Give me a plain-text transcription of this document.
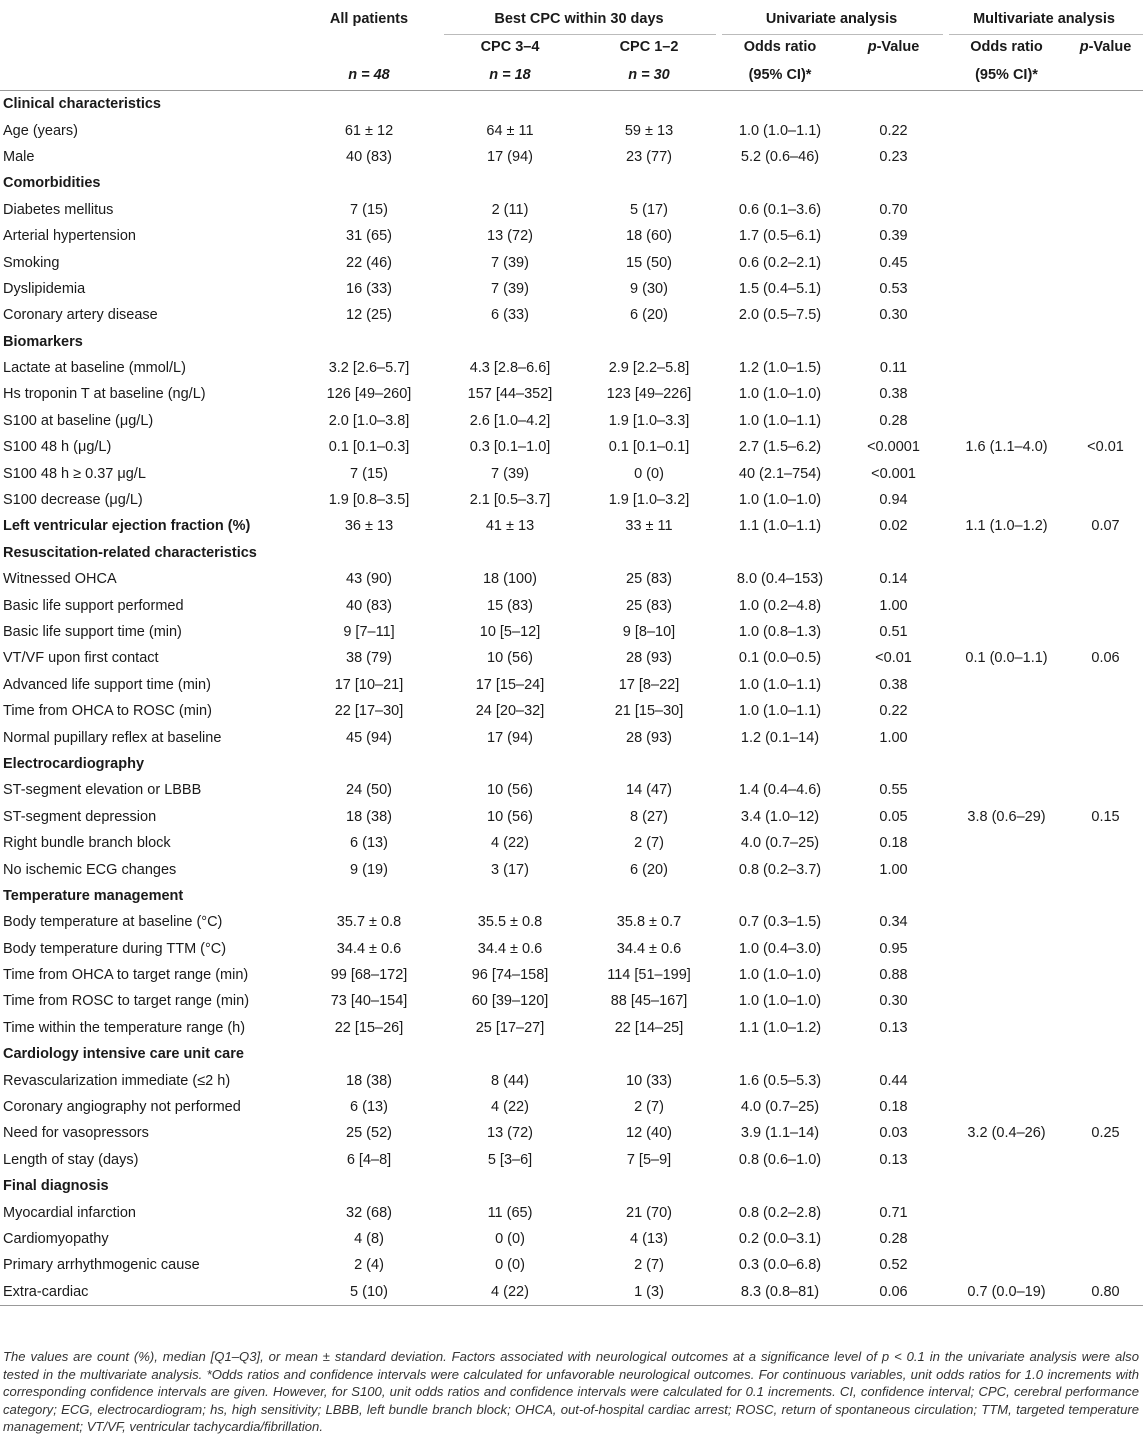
	All patients	Best CPC within 30 days		Univariate analysis		Multivariate analysis	
		CPC 3–4	CPC 1–2	Odds ratio	p-Value	Odds ratio	p-Value
	n = 48	n = 18	n = 30	(95% CI)*		(95% CI)*	
Clinical characteristics							
Age (years)	61 ± 12	64 ± 11	59 ± 13	1.0 (1.0–1.1)	0.22		
Male	40 (83)	17 (94)	23 (77)	5.2 (0.6–46)	0.23		
Comorbidities							
Diabetes mellitus	7 (15)	2 (11)	5 (17)	0.6 (0.1–3.6)	0.70		
Arterial hypertension	31 (65)	13 (72)	18 (60)	1.7 (0.5–6.1)	0.39		
Smoking	22 (46)	7 (39)	15 (50)	0.6 (0.2–2.1)	0.45		
Dyslipidemia	16 (33)	7 (39)	9 (30)	1.5 (0.4–5.1)	0.53		
Coronary artery disease	12 (25)	6 (33)	6 (20)	2.0 (0.5–7.5)	0.30		
Biomarkers							
Lactate at baseline (mmol/L)	3.2 [2.6–5.7]	4.3 [2.8–6.6]	2.9 [2.2–5.8]	1.2 (1.0–1.5)	0.11		
Hs troponin T at baseline (ng/L)	126 [49–260]	157 [44–352]	123 [49–226]	1.0 (1.0–1.0)	0.38		
S100 at baseline (μg/L)	2.0 [1.0–3.8]	2.6 [1.0–4.2]	1.9 [1.0–3.3]	1.0 (1.0–1.1)	0.28		
S100 48 h (μg/L)	0.1 [0.1–0.3]	0.3 [0.1–1.0]	0.1 [0.1–0.1]	2.7 (1.5–6.2)	<0.0001	1.6 (1.1–4.0)	<0.01
S100 48 h ≥ 0.37 μg/L	7 (15)	7 (39)	0 (0)	40 (2.1–754)	<0.001		
S100 decrease (μg/L)	1.9 [0.8–3.5]	2.1 [0.5–3.7]	1.9 [1.0–3.2]	1.0 (1.0–1.0)	0.94		
Left ventricular ejection fraction (%)	36 ± 13	41 ± 13	33 ± 11	1.1 (1.0–1.1)	0.02	1.1 (1.0–1.2)	0.07
Resuscitation-related characteristics							
Witnessed OHCA	43 (90)	18 (100)	25 (83)	8.0 (0.4–153)	0.14		
Basic life support performed	40 (83)	15 (83)	25 (83)	1.0 (0.2–4.8)	1.00		
Basic life support time (min)	9 [7–11]	10 [5–12]	9 [8–10]	1.0 (0.8–1.3)	0.51		
VT/VF upon first contact	38 (79)	10 (56)	28 (93)	0.1 (0.0–0.5)	<0.01	0.1 (0.0–1.1)	0.06
Advanced life support time (min)	17 [10–21]	17 [15–24]	17 [8–22]	1.0 (1.0–1.1)	0.38		
Time from OHCA to ROSC (min)	22 [17–30]	24 [20–32]	21 [15–30]	1.0 (1.0–1.1)	0.22		
Normal pupillary reflex at baseline	45 (94)	17 (94)	28 (93)	1.2 (0.1–14)	1.00		
Electrocardiography							
ST-segment elevation or LBBB	24 (50)	10 (56)	14 (47)	1.4 (0.4–4.6)	0.55		
ST-segment depression	18 (38)	10 (56)	8 (27)	3.4 (1.0–12)	0.05	3.8 (0.6–29)	0.15
Right bundle branch block	6 (13)	4 (22)	2 (7)	4.0 (0.7–25)	0.18		
No ischemic ECG changes	9 (19)	3 (17)	6 (20)	0.8 (0.2–3.7)	1.00		
Temperature management							
Body temperature at baseline (°C)	35.7 ± 0.8	35.5 ± 0.8	35.8 ± 0.7	0.7 (0.3–1.5)	0.34		
Body temperature during TTM (°C)	34.4 ± 0.6	34.4 ± 0.6	34.4 ± 0.6	1.0 (0.4–3.0)	0.95		
Time from OHCA to target range (min)	99 [68–172]	96 [74–158]	114 [51–199]	1.0 (1.0–1.0)	0.88		
Time from ROSC to target range (min)	73 [40–154]	60 [39–120]	88 [45–167]	1.0 (1.0–1.0)	0.30		
Time within the temperature range (h)	22 [15–26]	25 [17–27]	22 [14–25]	1.1 (1.0–1.2)	0.13		
Cardiology intensive care unit care							
Revascularization immediate (≤2 h)	18 (38)	8 (44)	10 (33)	1.6 (0.5–5.3)	0.44		
Coronary angiography not performed	6 (13)	4 (22)	2 (7)	4.0 (0.7–25)	0.18		
Need for vasopressors	25 (52)	13 (72)	12 (40)	3.9 (1.1–14)	0.03	3.2 (0.4–26)	0.25
Length of stay (days)	6 [4–8]	5 [3–6]	7 [5–9]	0.8 (0.6–1.0)	0.13		
Final diagnosis							
Myocardial infarction	32 (68)	11 (65)	21 (70)	0.8 (0.2–2.8)	0.71		
Cardiomyopathy	4 (8)	0 (0)	4 (13)	0.2 (0.0–3.1)	0.28		
Primary arrhythmogenic cause	2 (4)	0 (0)	2 (7)	0.3 (0.0–6.8)	0.52		
Extra-cardiac	5 (10)	4 (22)	1 (3)	8.3 (0.8–81)	0.06	0.7 (0.0–19)	0.80
The values are count (%), median [Q1–Q3], or mean ± standard deviation. Factors associated with neurological outcomes at a significance level of p < 0.1 in the univariate analysis were also tested in the multivariate analysis. *Odds ratios and confidence intervals were calculated for unfavorable neurological outcomes. For continuous variables, unit odds ratios for 1.0 increments with corresponding confidence intervals are given. However, for S100, unit odds ratios and confidence intervals were calculated for 0.1 increments. CI, confidence interval; CPC, cerebral performance category; ECG, electrocardiogram; hs, high sensitivity; LBBB, left bundle branch block; OHCA, out-of-hospital cardiac arrest; ROSC, return of spontaneous circulation; TTM, targeted temperature management; VT/VF, ventricular tachycardia/fibrillation.
